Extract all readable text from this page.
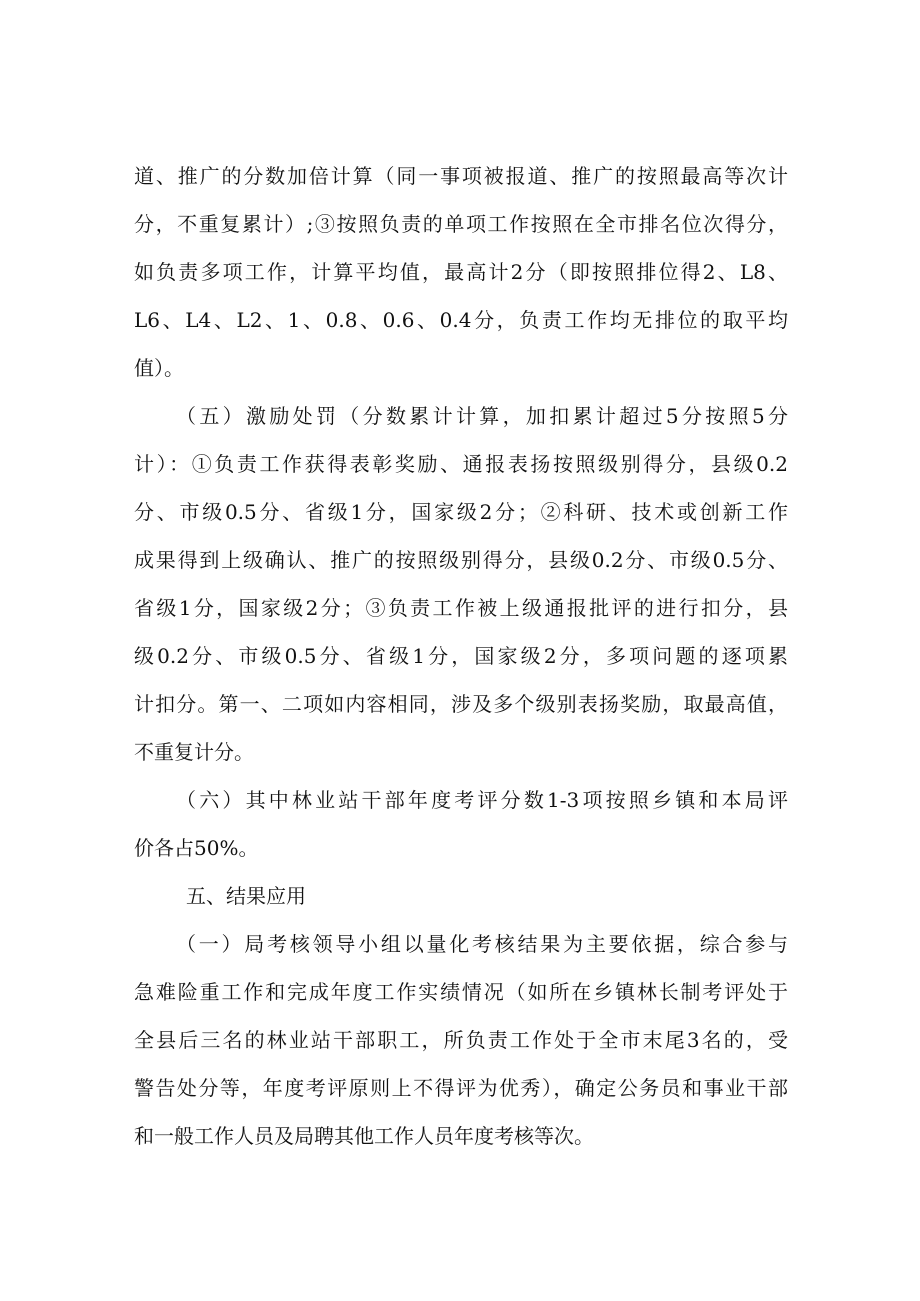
道、推广的分数加倍计算（同一事项被报道、推广的按照最高等次计
分，不重复累计）;③按照负责的单项工作按照在全市排名位次得分，
如负责多项工作，计算平均值，最高计2分（即按照排位得2、L8、
L6、L4、L2、1、0.8、0.6、0.4分，负责工作均无排位的取平均
值）。
（五）激励处罚（分数累计计算，加扣累计超过5分按照5分
计）：①负责工作获得表彰奖励、通报表扬按照级别得分，县级0.2
分、市级0.5分、省级1分，国家级2分；②科研、技术或创新工作
成果得到上级确认、推广的按照级别得分，县级0.2分、市级0.5分、
省级1分，国家级2分；③负责工作被上级通报批评的进行扣分，县
级0.2分、市级0.5分、省级1分，国家级2分，多项问题的逐项累
计扣分。第一、二项如内容相同，涉及多个级别表扬奖励，取最高值，
不重复计分。
（六）其中林业站干部年度考评分数1-3项按照乡镇和本局评
价各占50%。
五、结果应用
（一）局考核领导小组以量化考核结果为主要依据，综合参与
急难险重工作和完成年度工作实绩情况（如所在乡镇林长制考评处于
全县后三名的林业站干部职工，所负责工作处于全市末尾3名的，受
警告处分等，年度考评原则上不得评为优秀），确定公务员和事业干部
和一般工作人员及局聘其他工作人员年度考核等次。
